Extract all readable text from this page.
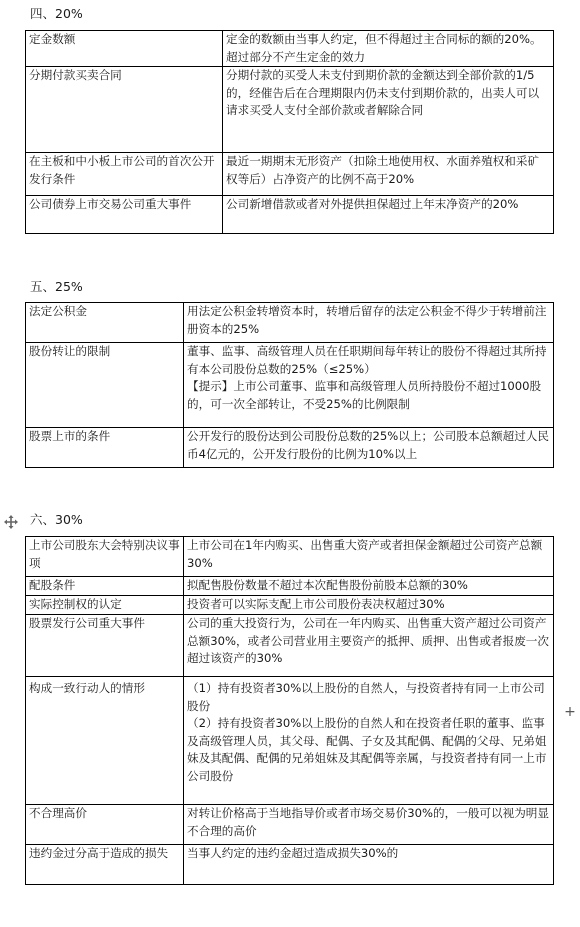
四、20%
定金数额	定金的数额由当事人约定，但不得超过主合同标的额的20%。超过部分不产生定金的效力
分期付款买卖合同	分期付款的买受人未支付到期价款的金额达到全部价款的1/5的，经催告后在合理期限内仍未支付到期价款的，出卖人可以请求买受人支付全部价款或者解除合同
在主板和中小板上市公司的首次公开发行条件	最近一期期末无形资产（扣除土地使用权、水面养殖权和采矿权等后）占净资产的比例不高于20%
公司债券上市交易公司重大事件	公司新增借款或者对外提供担保超过上年末净资产的20%
五、25%
法定公积金	用法定公积金转增资本时，转增后留存的法定公积金不得少于转增前注册资本的25%
股份转让的限制	董事、监事、高级管理人员在任职期间每年转让的股份不得超过其所持有本公司股份总数的25%（≤25%）
【提示】上市公司董事、监事和高级管理人员所持股份不超过1000股的，可一次全部转让，不受25%的比例限制

股票上市的条件	公开发行的股份达到公司股份总数的25%以上；公司股本总额超过人民币4亿元的，公开发行股份的比例为10%以上
六、30%
上市公司股东大会特别决议事项	上市公司在1年内购买、出售重大资产或者担保金额超过公司资产总额30%
配股条件	拟配售股份数量不超过本次配售股份前股本总额的30%
实际控制权的认定	投资者可以实际支配上市公司股份表决权超过30%
股票发行公司重大事件	公司的重大投资行为，公司在一年内购买、出售重大资产超过公司资产总额30%，或者公司营业用主要资产的抵押、质押、出售或者报废一次超过该资产的30%
构成一致行动人的情形	（1）持有投资者30%以上股份的自然人，与投资者持有同一上市公司股份
（2）持有投资者30%以上股份的自然人和在投资者任职的董事、监事及高级管理人员，其父母、配偶、子女及其配偶、配偶的父母、兄弟姐妹及其配偶、配偶的兄弟姐妹及其配偶等亲属，与投资者持有同一上市公司股份

不合理高价	对转让价格高于当地指导价或者市场交易价30%的，一般可以视为明显不合理的高价
违约金过分高于造成的损失	当事人约定的违约金超过造成损失30%的
+
